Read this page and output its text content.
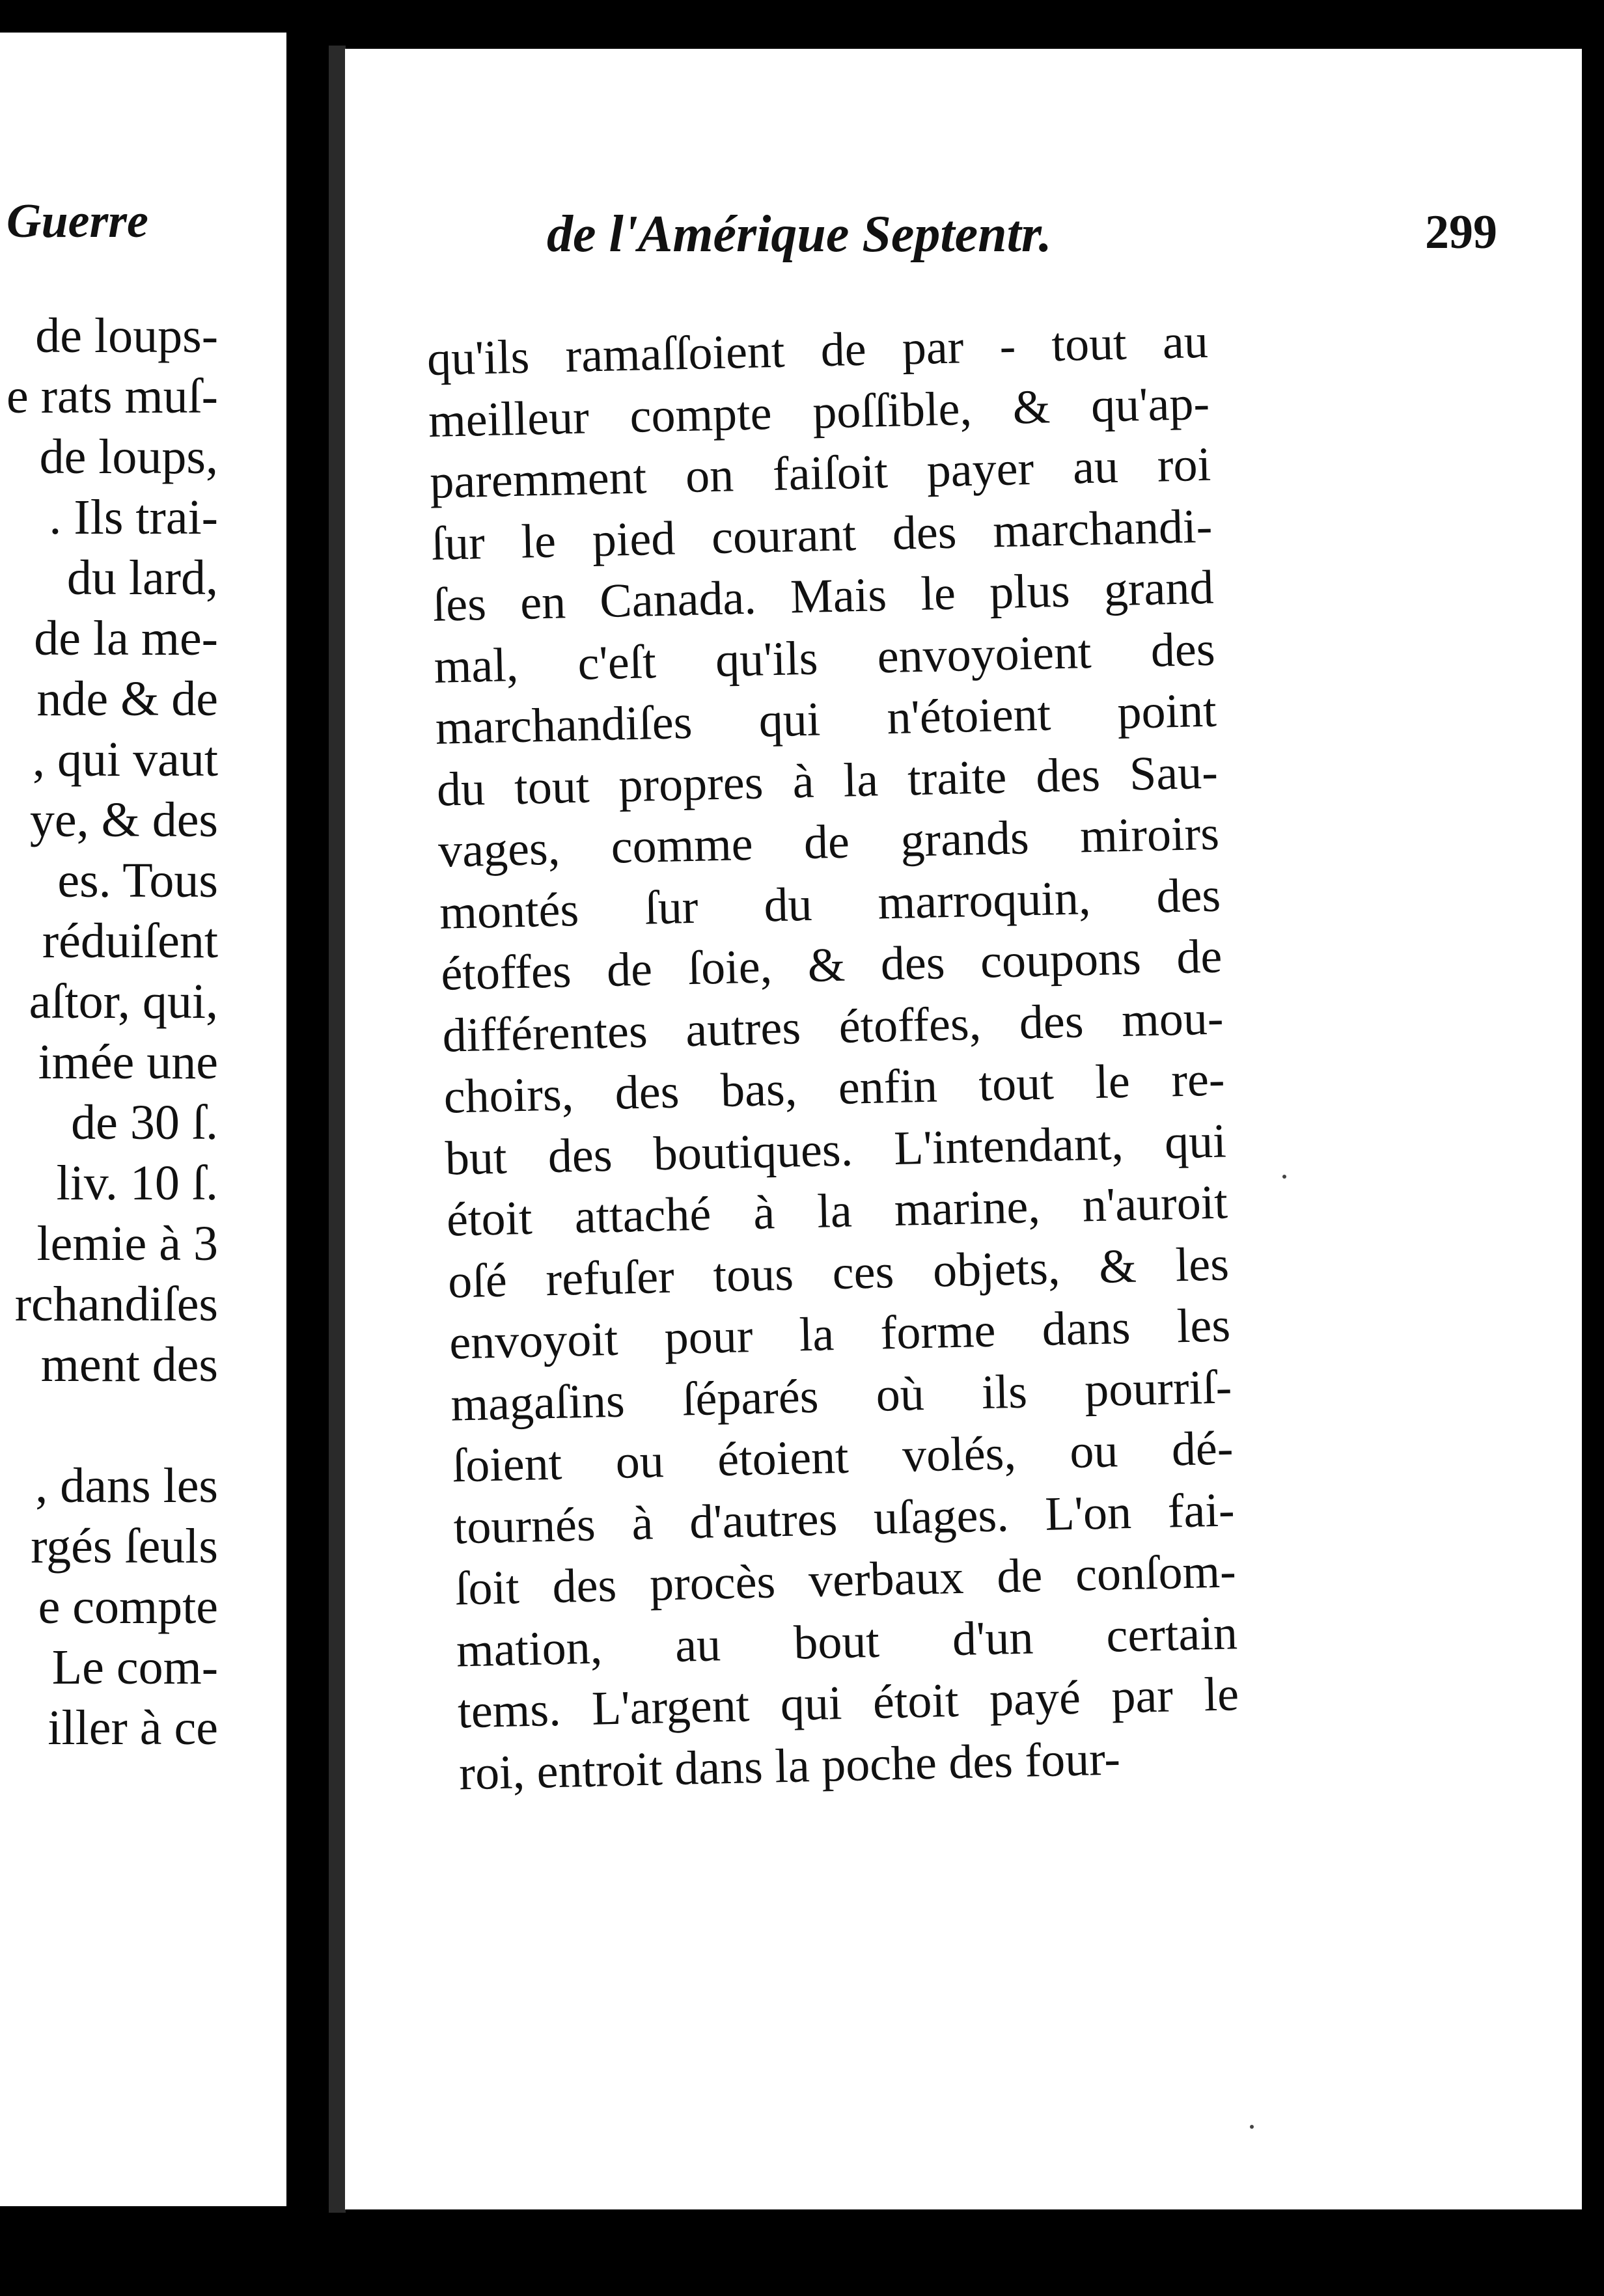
Guerre
de loups-
e rats muſ-
de loups,
. Ils trai-
du lard,
de la me-
nde & de
, qui vaut
ye, & des
es. Tous
réduiſent
aſtor, qui,
imée une
de 30 ſ.
liv. 10 ſ.
lemie à 3
rchandiſes
ment des
, dans les
rgés ſeuls
e compte
Le com-
iller à ce
de l'Amérique Septentr.	299
qu'ils ramaſſoient de par - tout au
meilleur compte poſſible, & qu'ap-
paremment on faiſoit payer au roi
ſur le pied courant des marchandi-
ſes en Canada. Mais le plus grand
mal, c'eſt qu'ils envoyoient des
marchandiſes qui n'étoient point
du tout propres à la traite des Sau-
vages, comme de grands miroirs
montés ſur du marroquin, des
étoffes de ſoie, & des coupons de
différentes autres étoffes, des mou-
choirs, des bas, enfin tout le re-
but des boutiques. L'intendant, qui
étoit attaché à la marine, n'auroit
oſé refuſer tous ces objets, & les
envoyoit pour la forme dans les
magaſins ſéparés où ils pourriſ-
ſoient ou étoient volés, ou dé-
tournés à d'autres uſages. L'on fai-
ſoit des procès verbaux de conſom-
mation, au bout d'un certain
tems. L'argent qui étoit payé par le
roi, entroit dans la poche des four-
